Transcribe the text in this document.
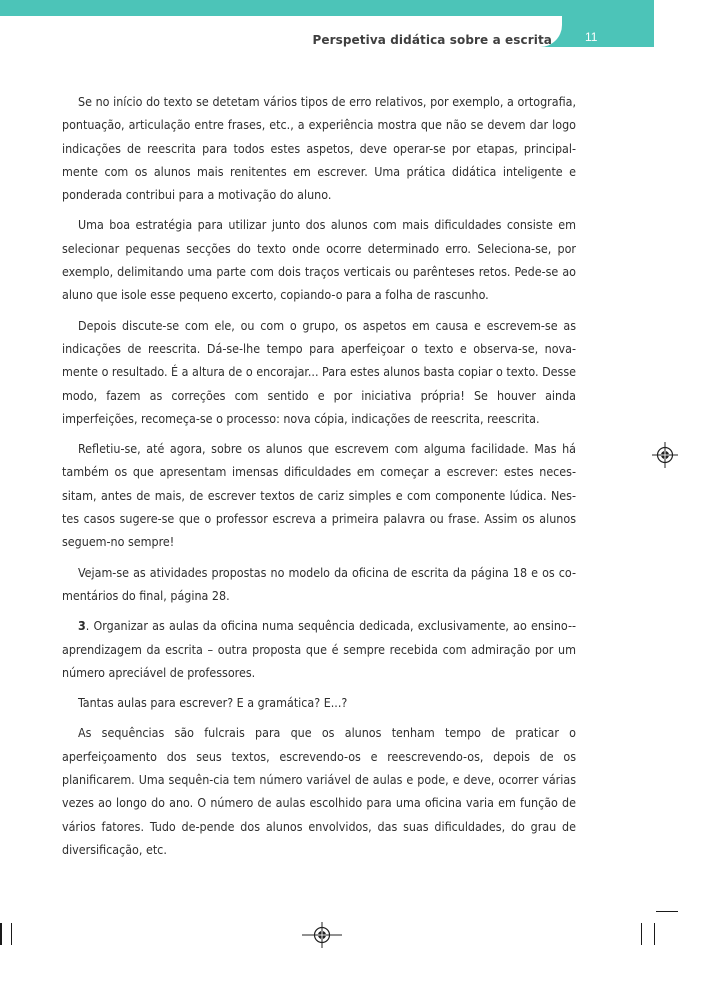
Perspetiva didática sobre a escrita	11

Se no início do texto se detetam vários tipos de erro relativos, por exemplo, a ortografia, pontuação, articulação entre frases, etc., a experiência mostra que não se devem dar logo indicações de reescrita para todos estes aspetos, deve operar-se por etapas, principal-mente com os alunos mais renitentes em escrever. Uma prática didática inteligente e ponderada contribui para a motivação do aluno.

Uma boa estratégia para utilizar junto dos alunos com mais dificuldades consiste em selecionar pequenas secções do texto onde ocorre determinado erro. Seleciona-se, por exemplo, delimitando uma parte com dois traços verticais ou parênteses retos. Pede-se ao aluno que isole esse pequeno excerto, copiando-o para a folha de rascunho.

Depois discute-se com ele, ou com o grupo, os aspetos em causa e escrevem-se as indicações de reescrita. Dá-se-lhe tempo para aperfeiçoar o texto e observa-se, nova-mente o resultado. É a altura de o encorajar... Para estes alunos basta copiar o texto. Desse modo, fazem as correções com sentido e por iniciativa própria! Se houver ainda imperfeições, recomeça-se o processo: nova cópia, indicações de reescrita, reescrita.

Refletiu-se, até agora, sobre os alunos que escrevem com alguma facilidade. Mas há também os que apresentam imensas dificuldades em começar a escrever: estes neces-sitam, antes de mais, de escrever textos de cariz simples e com componente lúdica. Nes-tes casos sugere-se que o professor escreva a primeira palavra ou frase. Assim os alunos seguem-no sempre!

Vejam-se as atividades propostas no modelo da oficina de escrita da página 18 e os co-mentários do final, página 28.

3. Organizar as aulas da oficina numa sequência dedicada, exclusivamente, ao ensino--aprendizagem da escrita – outra proposta que é sempre recebida com admiração por um número apreciável de professores.

Tantas aulas para escrever? E a gramática? E...?

As sequências são fulcrais para que os alunos tenham tempo de praticar o aperfeiçoamento dos seus textos, escrevendo-os e reescrevendo-os, depois de os planificarem. Uma sequên-cia tem número variável de aulas e pode, e deve, ocorrer várias vezes ao longo do ano. O número de aulas escolhido para uma oficina varia em função de vários fatores. Tudo de-pende dos alunos envolvidos, das suas dificuldades, do grau de diversificação, etc.
